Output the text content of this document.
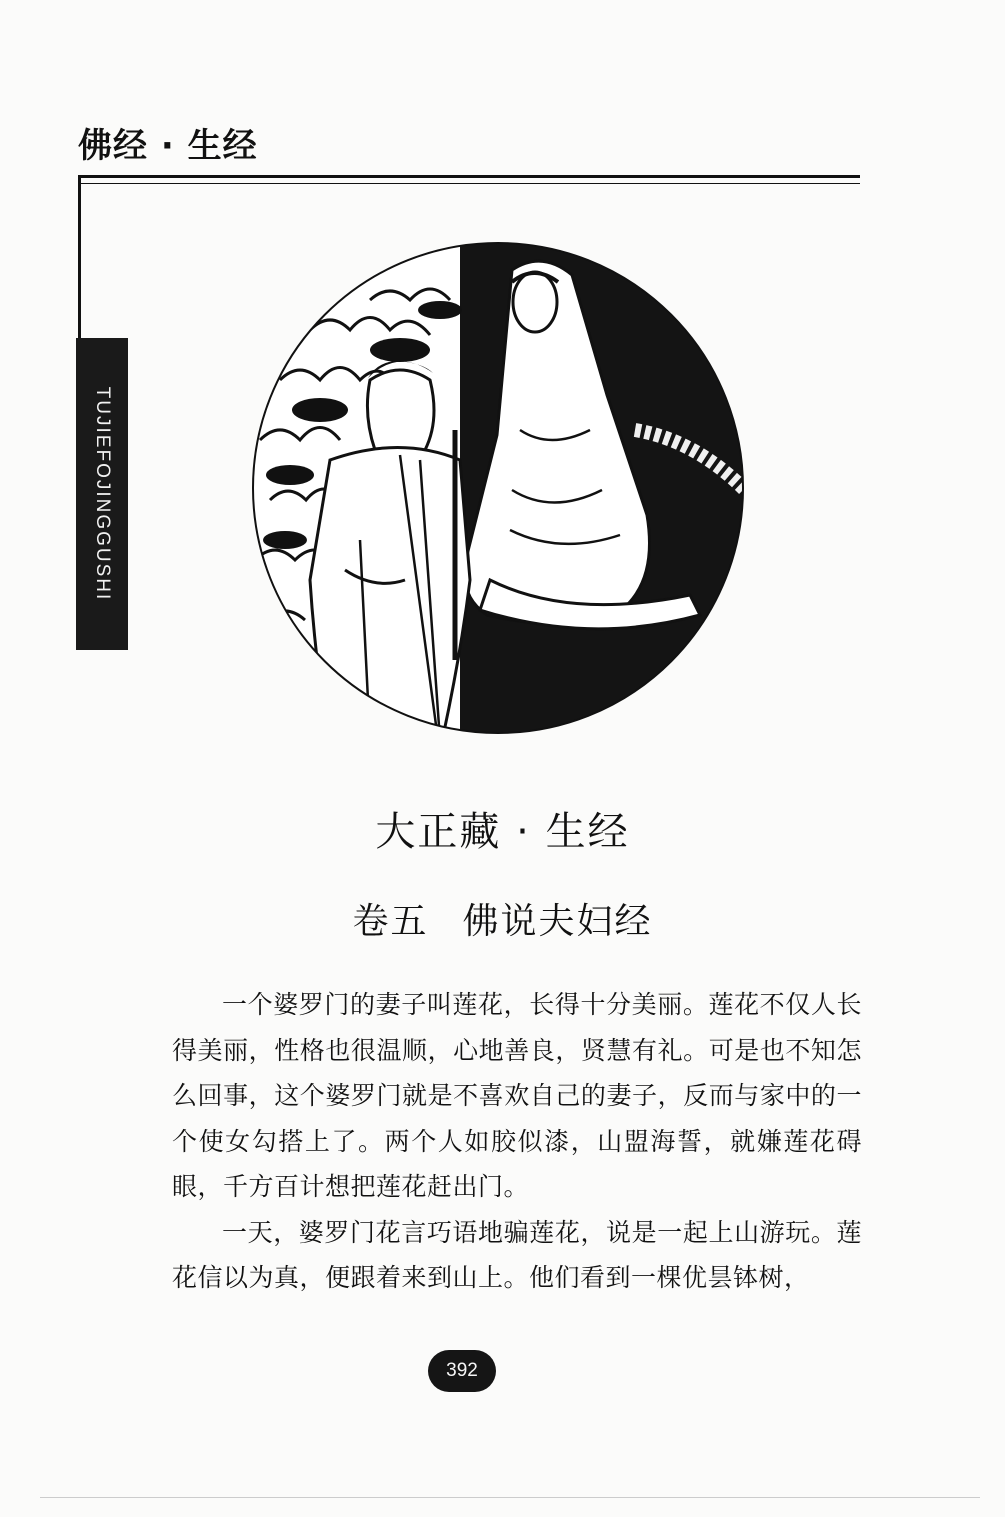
佛经 · 生经
TUJIEFOJINGGUSHI
大正藏 · 生经
卷五 佛说夫妇经

一个婆罗门的妻子叫莲花，长得十分美丽。莲花不仅人长得美丽，性格也很温顺，心地善良，贤慧有礼。可是也不知怎么回事，这个婆罗门就是不喜欢自己的妻子，反而与家中的一个使女勾搭上了。两个人如胶似漆，山盟海誓，就嫌莲花碍眼，千方百计想把莲花赶出门。

一天，婆罗门花言巧语地骗莲花，说是一起上山游玩。莲花信以为真，便跟着来到山上。他们看到一棵优昙钵树，

392
